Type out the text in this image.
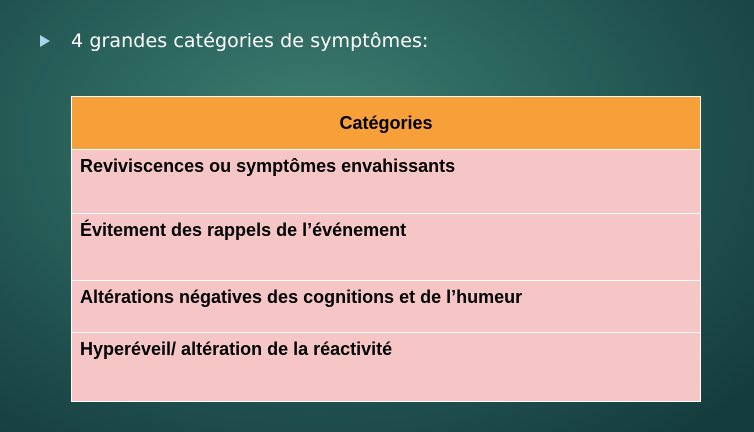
4 grandes catégories de symptômes:
Catégories
Reviviscences ou symptômes envahissants
Évitement des rappels de l’événement
Altérations négatives des cognitions et de l’humeur
Hyperéveil/ altération de la réactivité
